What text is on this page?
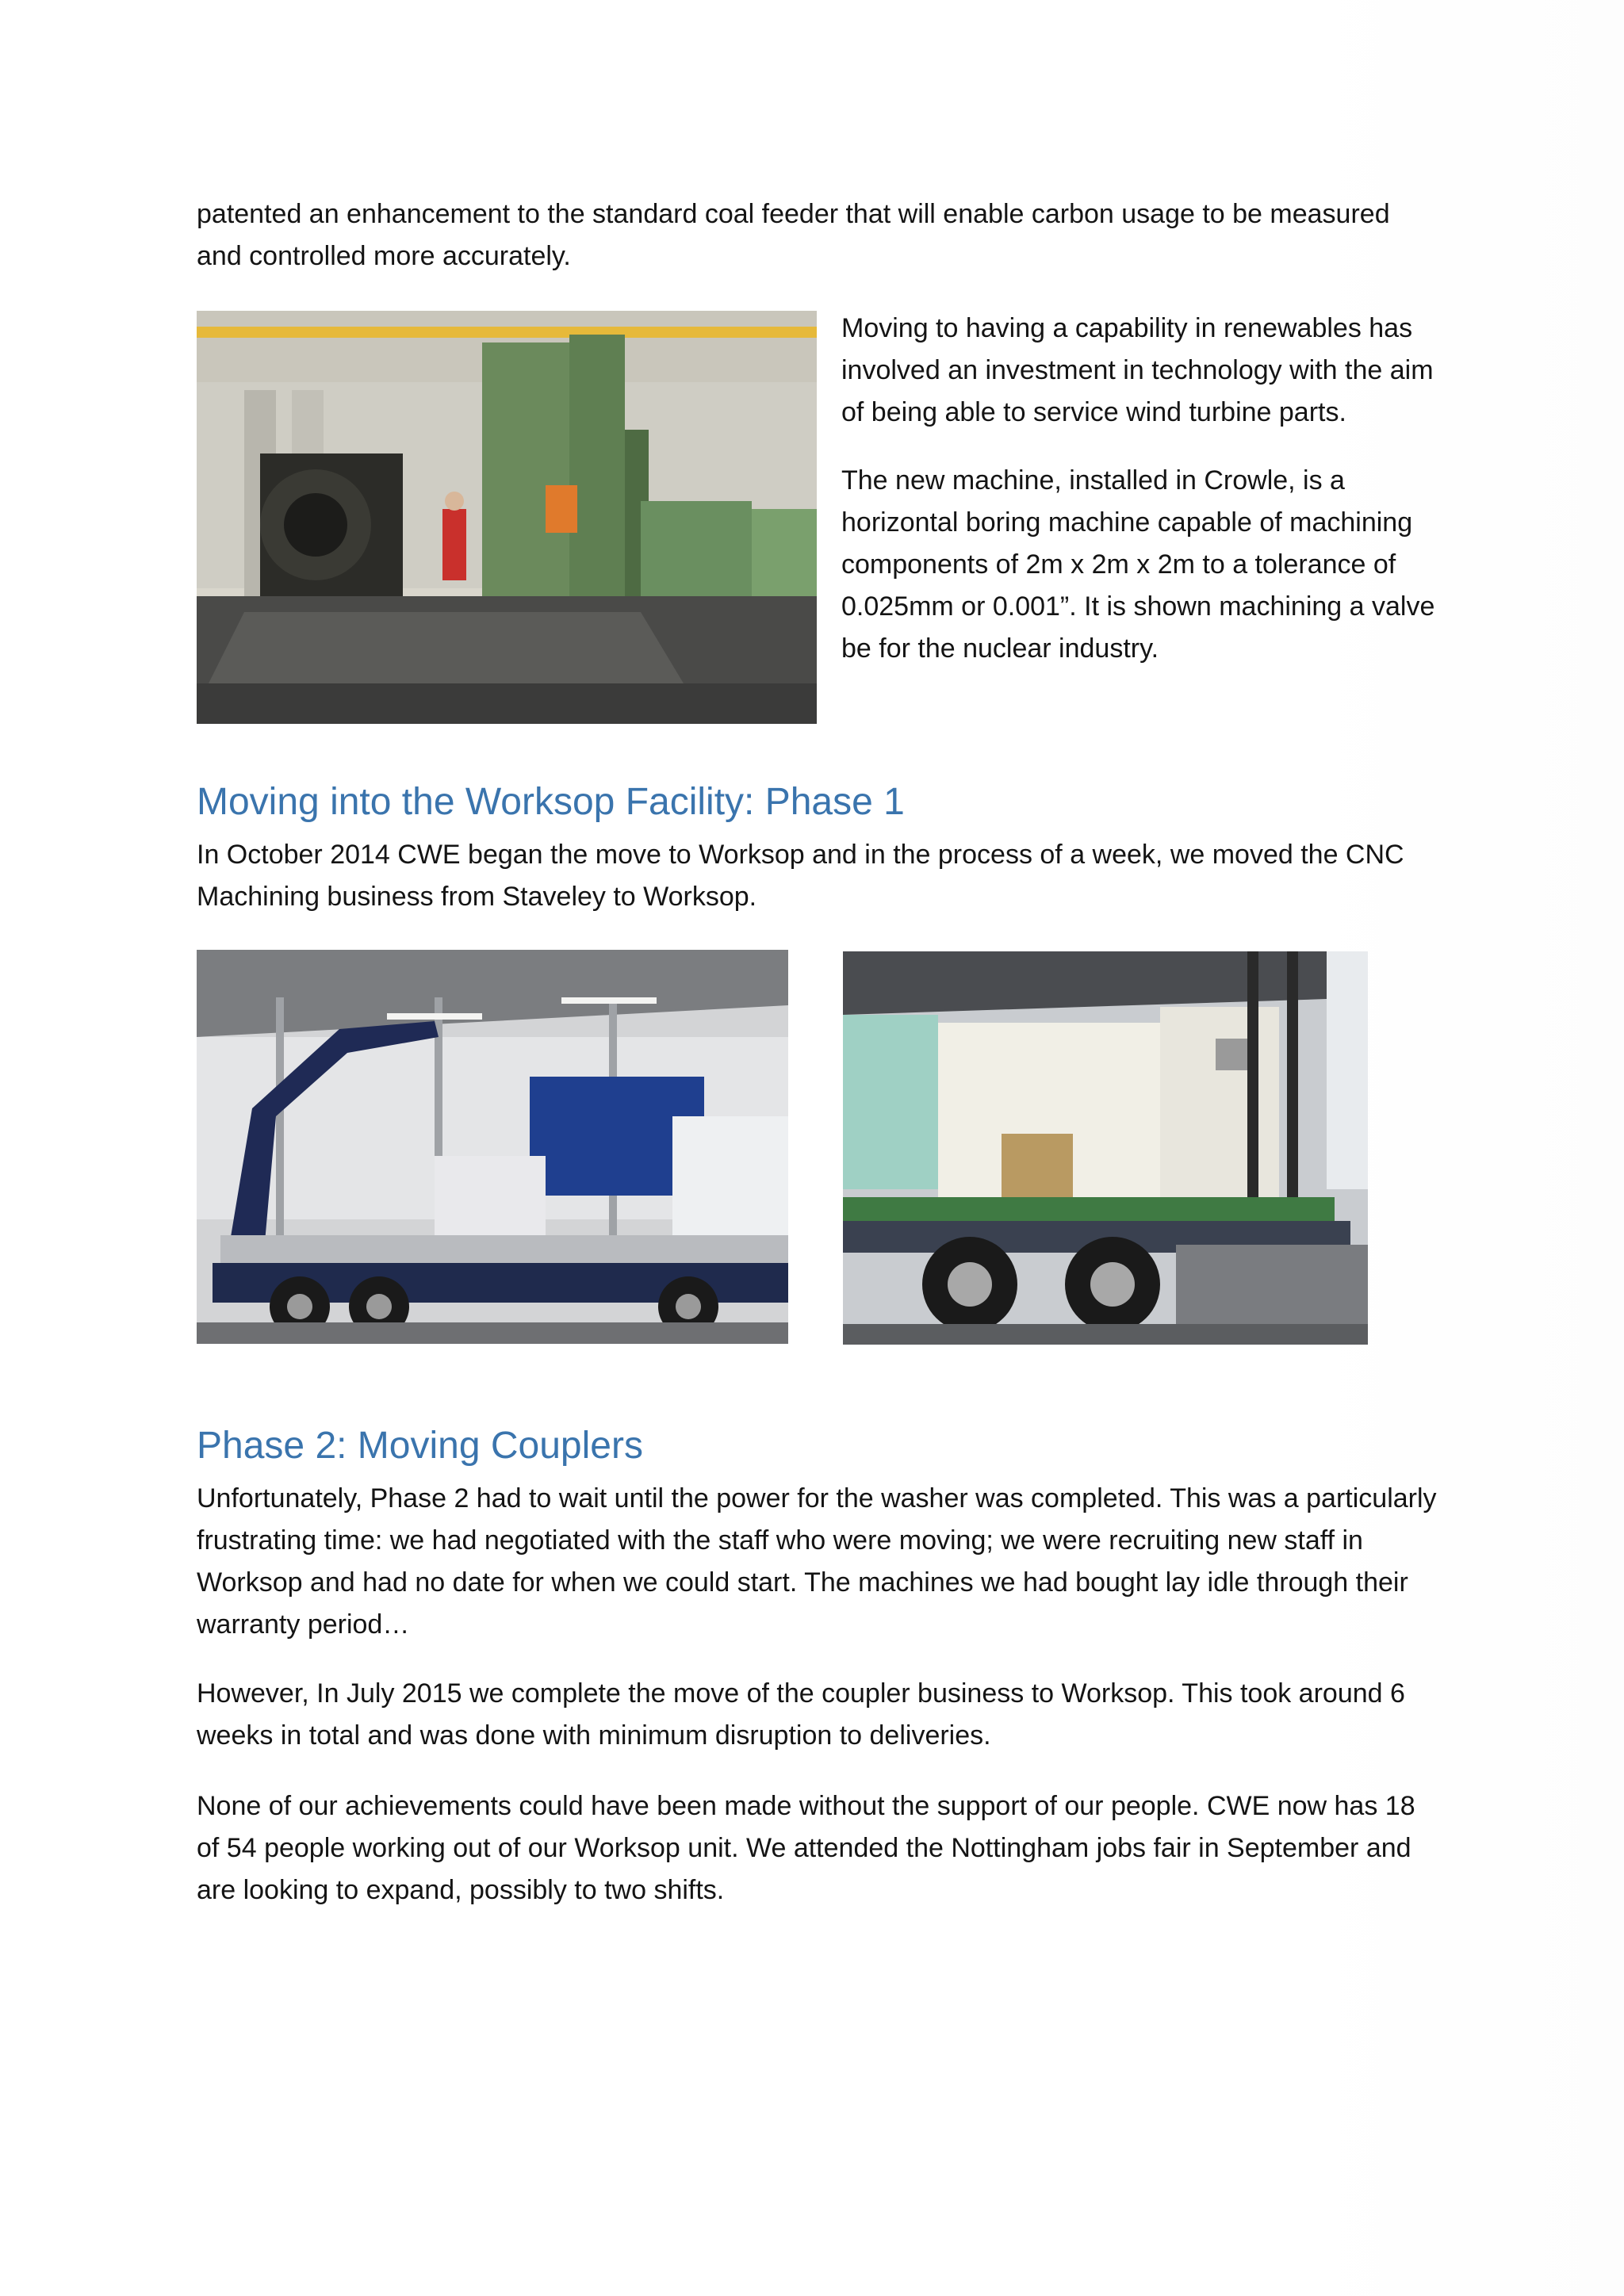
patented an enhancement to the standard coal feeder that will enable carbon usage to be measured and controlled more accurately.

Moving to having a capability in renewables has involved an investment in technology with the aim of being able to service wind turbine parts.

The new machine, installed in Crowle, is a horizontal boring machine capable of machining components of 2m x 2m x 2m to a tolerance of 0.025mm or 0.001”. It is shown machining a valve be for the nuclear industry.

Moving into the Worksop Facility: Phase 1

In October 2014 CWE began the move to Worksop and in the process of a week, we moved the CNC Machining business from Staveley to Worksop.

Phase 2: Moving Couplers

Unfortunately, Phase 2 had to wait until the power for the washer was completed. This was a particularly frustrating time: we had negotiated with the staff who were moving; we were recruiting new staff in Worksop and had no date for when we could start. The machines we had bought lay idle through their warranty period…

However, In July 2015 we complete the move of the coupler business to Worksop. This took around 6 weeks in total and was done with minimum disruption to deliveries.

None of our achievements could have been made without the support of our people. CWE now has 18 of 54 people working out of our Worksop unit. We attended the Nottingham jobs fair in September and are looking to expand, possibly to two shifts.
